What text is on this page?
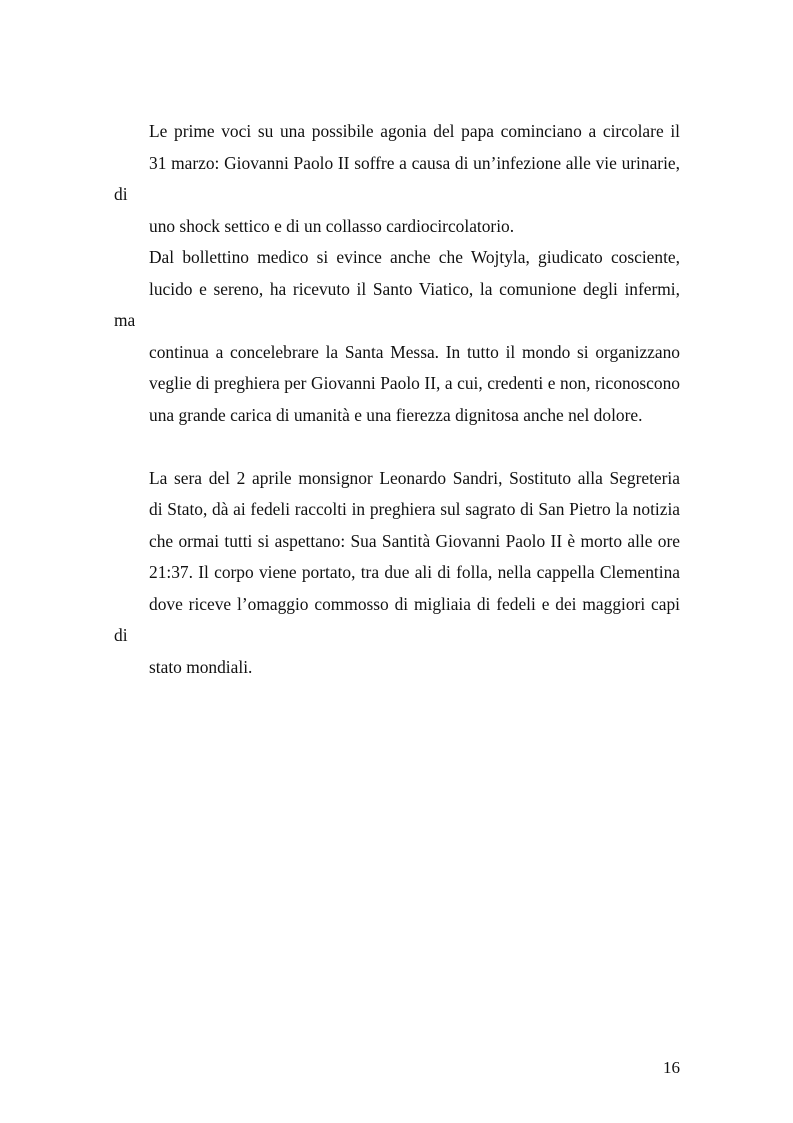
Le prime voci su una possibile agonia del papa cominciano a circolare il
31 marzo: Giovanni Paolo II soffre a causa di un’infezione alle vie urinarie, di
uno shock settico e di un collasso cardiocircolatorio.

Dal bollettino medico si evince anche che Wojtyla, giudicato cosciente,
lucido e sereno, ha ricevuto il Santo Viatico, la comunione degli infermi, ma
continua a concelebrare la Santa Messa. In tutto il mondo si organizzano
veglie di preghiera per Giovanni Paolo II, a cui, credenti e non, riconoscono
una grande carica di umanità e una fierezza dignitosa anche nel dolore.

La sera del 2 aprile monsignor Leonardo Sandri, Sostituto alla Segreteria
di Stato, dà ai fedeli raccolti in preghiera sul sagrato di San Pietro la notizia
che ormai tutti si aspettano: Sua Santità Giovanni Paolo II è morto alle ore
21:37. Il corpo viene portato, tra due ali di folla, nella cappella Clementina
dove riceve l’omaggio commosso di migliaia di fedeli e dei maggiori capi di
stato mondiali.

16
